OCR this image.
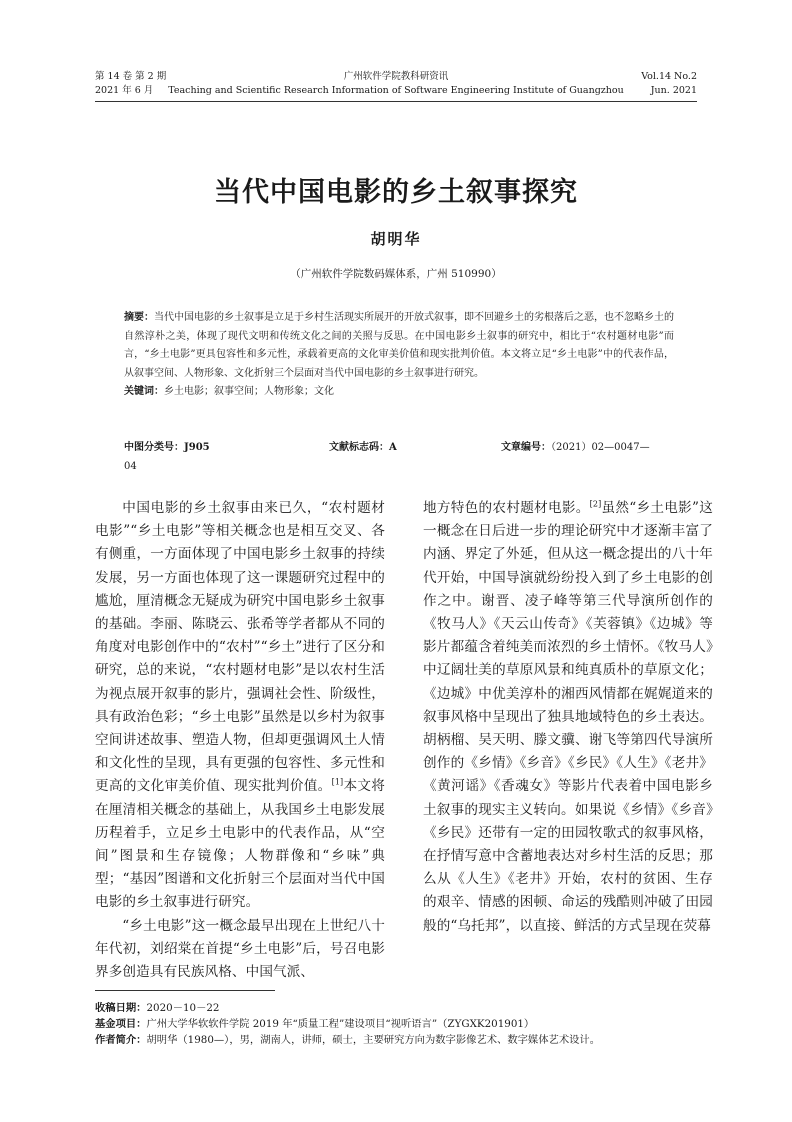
第 14 卷 第 2 期
2021 年 6 月
广州软件学院教科研资讯
Teaching and Scientific Research Information of Software Engineering Institute of Guangzhou
Vol.14 No.2
Jun. 2021
当代中国电影的乡土叙事探究
胡明华
（广州软件学院数码媒体系，广州 510990）
摘要：当代中国电影的乡土叙事是立足于乡村生活现实所展开的开放式叙事，即不回避乡土的劣根落后之恶，也不忽略乡土的自然淳朴之美，体现了现代文明和传统文化之间的关照与反思。在中国电影乡土叙事的研究中，相比于“农村题材电影”而言，“乡土电影”更具包容性和多元性，承载着更高的文化审美价值和现实批判价值。本文将立足“乡土电影”中的代表作品，从叙事空间、人物形象、文化折射三个层面对当代中国电影的乡土叙事进行研究。
关键词：乡土电影；叙事空间；人物形象；文化
中图分类号：J905	文献标志码：A	文章编号：（2021）02—0047—
04

中国电影的乡土叙事由来已久，“农村题材电影”“乡土电影”等相关概念也是相互交叉、各有侧重，一方面体现了中国电影乡土叙事的持续发展，另一方面也体现了这一课题研究过程中的尴尬，厘清概念无疑成为研究中国电影乡土叙事的基础。李丽、陈晓云、张希等学者都从不同的角度对电影创作中的“农村”“乡土”进行了区分和研究，总的来说，“农村题材电影”是以农村生活为视点展开叙事的影片，强调社会性、阶级性，具有政治色彩；“乡土电影”虽然是以乡村为叙事空间讲述故事、塑造人物，但却更强调风土人情和文化性的呈现，具有更强的包容性、多元性和更高的文化审美价值、现实批判价值。[1]本文将在厘清相关概念的基础上，从我国乡土电影发展历程着手，立足乡土电影中的代表作品，从“空间”图景和生存镜像；人物群像和“乡味”典型；“基因”图谱和文化折射三个层面对当代中国电影的乡土叙事进行研究。

“乡土电影”这一概念最早出现在上世纪八十年代初，刘绍棠在首提“乡土电影”后，号召电影界多创造具有民族风格、中国气派、

地方特色的农村题材电影。[2]虽然“乡土电影”这一概念在日后进一步的理论研究中才逐渐丰富了内涵、界定了外延，但从这一概念提出的八十年代开始，中国导演就纷纷投入到了乡土电影的创作之中。谢晋、凌子峰等第三代导演所创作的《牧马人》《天云山传奇》《芙蓉镇》《边城》等影片都蕴含着纯美而浓烈的乡土情怀。《牧马人》中辽阔壮美的草原风景和纯真质朴的草原文化；《边城》中优美淳朴的湘西风情都在娓娓道来的叙事风格中呈现出了独具地域特色的乡土表达。胡柄榴、吴天明、滕文骥、谢飞等第四代导演所创作的《乡情》《乡音》《乡民》《人生》《老井》《黄河谣》《香魂女》等影片代表着中国电影乡土叙事的现实主义转向。如果说《乡情》《乡音》《乡民》还带有一定的田园牧歌式的叙事风格，在抒情写意中含蓄地表达对乡村生活的反思；那么从《人生》《老井》开始，农村的贫困、生存的艰辛、情感的困顿、命运的残酷则冲破了田园般的“乌托邦”，以直接、鲜活的方式呈现在荧幕

收稿日期：2020－10－22
基金项目：广州大学华软软件学院 2019 年“质量工程”建设项目“视听语言”（ZYGXK201901）
作者简介：胡明华（1980—），男，湖南人，讲师，硕士，主要研究方向为数字影像艺术、数字媒体艺术设计。
